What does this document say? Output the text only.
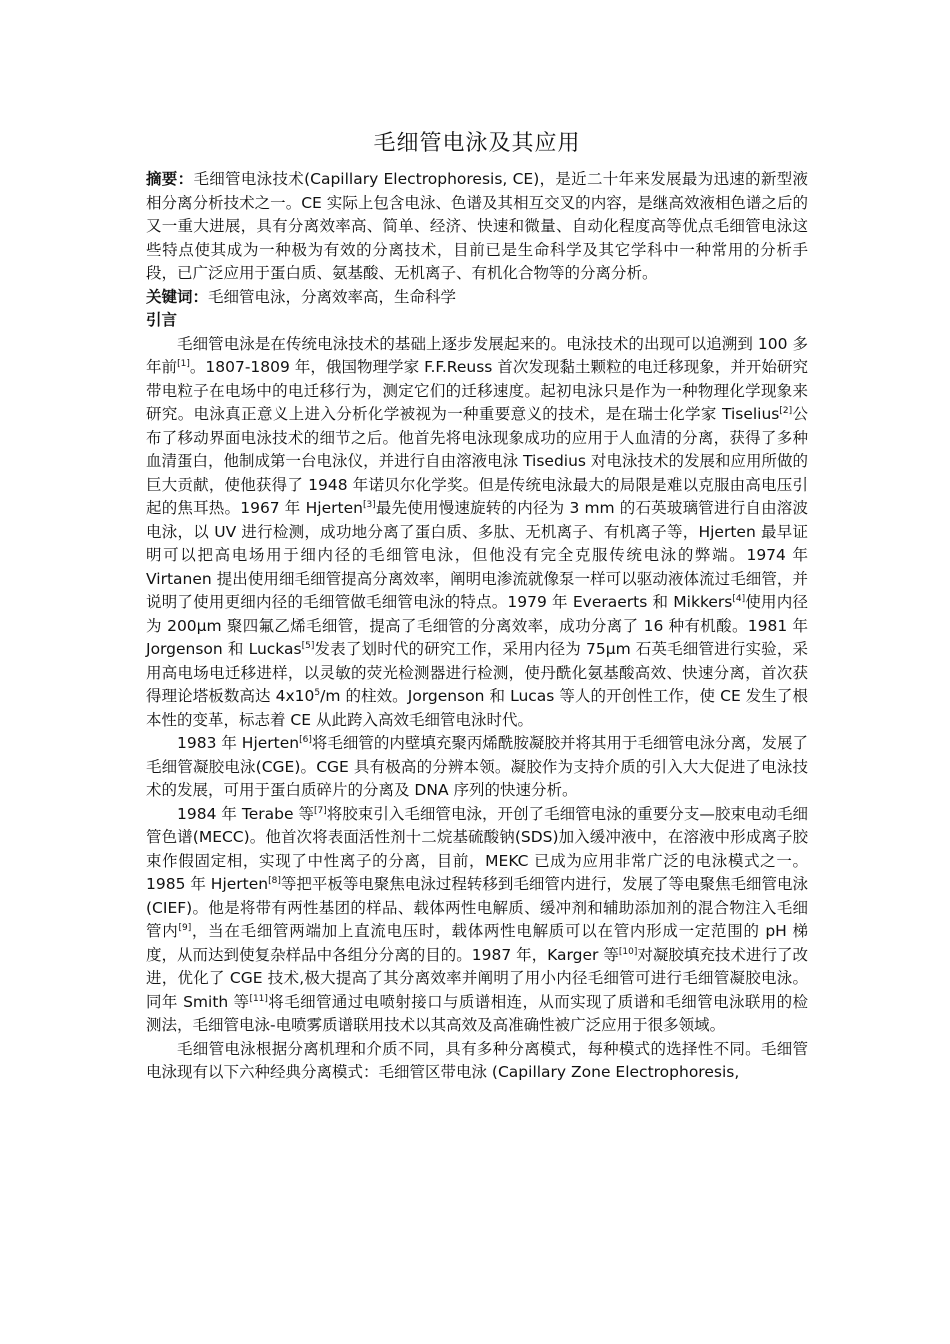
毛细管电泳及其应用

摘要：毛细管电泳技术(Capillary Electrophoresis, CE)，是近二十年来发展最为迅速的新型液相分离分析技术之一。CE 实际上包含电泳、色谱及其相互交叉的内容，是继高效液相色谱之后的又一重大进展，具有分离效率高、简单、经济、快速和微量、自动化程度高等优点毛细管电泳这些特点使其成为一种极为有效的分离技术，目前已是生命科学及其它学科中一种常用的分析手段，已广泛应用于蛋白质、氨基酸、无机离子、有机化合物等的分离分析。

关键词：毛细管电泳，分离效率高，生命科学

引言

毛细管电泳是在传统电泳技术的基础上逐步发展起来的。电泳技术的出现可以追溯到 100 多年前[1]。1807-1809 年，俄国物理学家 F.F.Reuss 首次发现黏土颗粒的电迁移现象，并开始研究带电粒子在电场中的电迁移行为，测定它们的迁移速度。起初电泳只是作为一种物理化学现象来研究。电泳真正意义上进入分析化学被视为一种重要意义的技术，是在瑞士化学家 Tiselius[2]公布了移动界面电泳技术的细节之后。他首先将电泳现象成功的应用于人血清的分离，获得了多种血清蛋白，他制成第一台电泳仪，并进行自由溶液电泳 Tisedius 对电泳技术的发展和应用所做的巨大贡献，使他获得了 1948 年诺贝尔化学奖。但是传统电泳最大的局限是难以克服由高电压引起的焦耳热。1967 年 Hjerten[3]最先使用慢速旋转的内径为 3 mm 的石英玻璃管进行自由溶波电泳，以 UV 进行检测，成功地分离了蛋白质、多肽、无机离子、有机离子等，Hjerten 最早证明可以把高电场用于细内径的毛细管电泳，但他没有完全克服传统电泳的弊端。1974 年 Virtanen 提出使用细毛细管提高分离效率，阐明电渗流就像泵一样可以驱动液体流过毛细管，并说明了使用更细内径的毛细管做毛细管电泳的特点。1979 年 Everaerts 和 Mikkers[4]使用内径为 200μm 聚四氟乙烯毛细管，提高了毛细管的分离效率，成功分离了 16 种有机酸。1981 年 Jorgenson 和 Luckas[5]发表了划时代的研究工作，采用内径为 75μm 石英毛细管进行实验，采用高电场电迁移进样，以灵敏的荧光检测器进行检测，使丹酰化氨基酸高效、快速分离，首次获得理论塔板数高达 $4x10^5/m$ 的柱效。Jorgenson 和 Lucas 等人的开创性工作，使 CE 发生了根本性的变革，标志着 CE 从此跨入高效毛细管电泳时代。

1983 年 Hjerten[6]将毛细管的内壁填充聚丙烯酰胺凝胶并将其用于毛细管电泳分离，发展了毛细管凝胶电泳(CGE)。CGE 具有极高的分辨本领。凝胶作为支持介质的引入大大促进了电泳技术的发展，可用于蛋白质碎片的分离及 DNA 序列的快速分析。

1984 年 Terabe 等[7]将胶束引入毛细管电泳，开创了毛细管电泳的重要分支—胶束电动毛细管色谱(MECC)。他首次将表面活性剂十二烷基硫酸钠(SDS)加入缓冲液中，在溶液中形成离子胶束作假固定相，实现了中性离子的分离，目前，MEKC 已成为应用非常广泛的电泳模式之一。1985 年 Hjerten[8]等把平板等电聚焦电泳过程转移到毛细管内进行，发展了等电聚焦毛细管电泳(CIEF)。他是将带有两性基团的样品、载体两性电解质、缓冲剂和辅助添加剂的混合物注入毛细管内[9]，当在毛细管两端加上直流电压时，载体两性电解质可以在管内形成一定范围的 pH 梯度，从而达到使复杂样品中各组分分离的目的。1987 年，Karger 等[10]对凝胶填充技术进行了改进，优化了 CGE 技术,极大提高了其分离效率并阐明了用小内径毛细管可进行毛细管凝胶电泳。同年 Smith 等[11]将毛细管通过电喷射接口与质谱相连，从而实现了质谱和毛细管电泳联用的检测法，毛细管电泳-电喷雾质谱联用技术以其高效及高准确性被广泛应用于很多领域。

毛细管电泳根据分离机理和介质不同，具有多种分离模式，每种模式的选择性不同。毛细管电泳现有以下六种经典分离模式：毛细管区带电泳 (Capillary Zone Electrophoresis,
